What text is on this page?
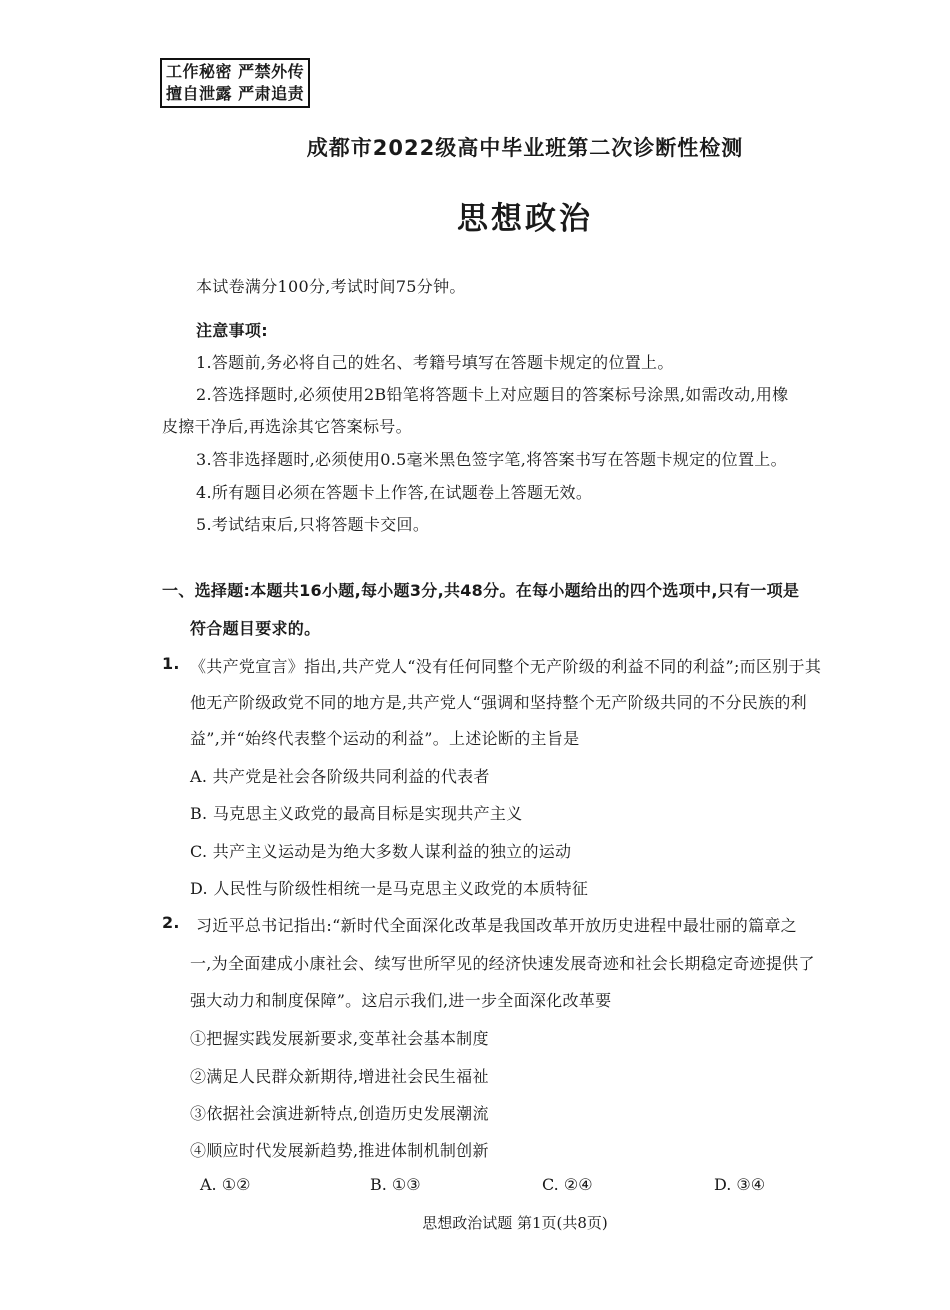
工作秘密 严禁外传
擅自泄露 严肃追责
成都市2022级高中毕业班第二次诊断性检测
思想政治
本试卷满分100分,考试时间75分钟。
注意事项:
1.答题前,务必将自己的姓名、考籍号填写在答题卡规定的位置上。
2.答选择题时,必须使用2B铅笔将答题卡上对应题目的答案标号涂黑,如需改动,用橡
皮擦干净后,再选涂其它答案标号。
3.答非选择题时,必须使用0.5毫米黑色签字笔,将答案书写在答题卡规定的位置上。
4.所有题目必须在答题卡上作答,在试题卷上答题无效。
5.考试结束后,只将答题卡交回。
一、选择题:本题共16小题,每小题3分,共48分。在每小题给出的四个选项中,只有一项是
符合题目要求的。
1. 《共产党宣言》指出,共产党人“没有任何同整个无产阶级的利益不同的利益”;而区别于其
他无产阶级政党不同的地方是,共产党人“强调和坚持整个无产阶级共同的不分民族的利
益”,并“始终代表整个运动的利益”。上述论断的主旨是
A. 共产党是社会各阶级共同利益的代表者
B. 马克思主义政党的最高目标是实现共产主义
C. 共产主义运动是为绝大多数人谋利益的独立的运动
D. 人民性与阶级性相统一是马克思主义政党的本质特征
2. 习近平总书记指出:“新时代全面深化改革是我国改革开放历史进程中最壮丽的篇章之
一,为全面建成小康社会、续写世所罕见的经济快速发展奇迹和社会长期稳定奇迹提供了
强大动力和制度保障”。这启示我们,进一步全面深化改革要
①把握实践发展新要求,变革社会基本制度
②满足人民群众新期待,增进社会民生福祉
③依据社会演进新特点,创造历史发展潮流
④顺应时代发展新趋势,推进体制机制创新
A. ①②	B. ①③	C. ②④	D. ③④
思想政治试题 第1页(共8页)
